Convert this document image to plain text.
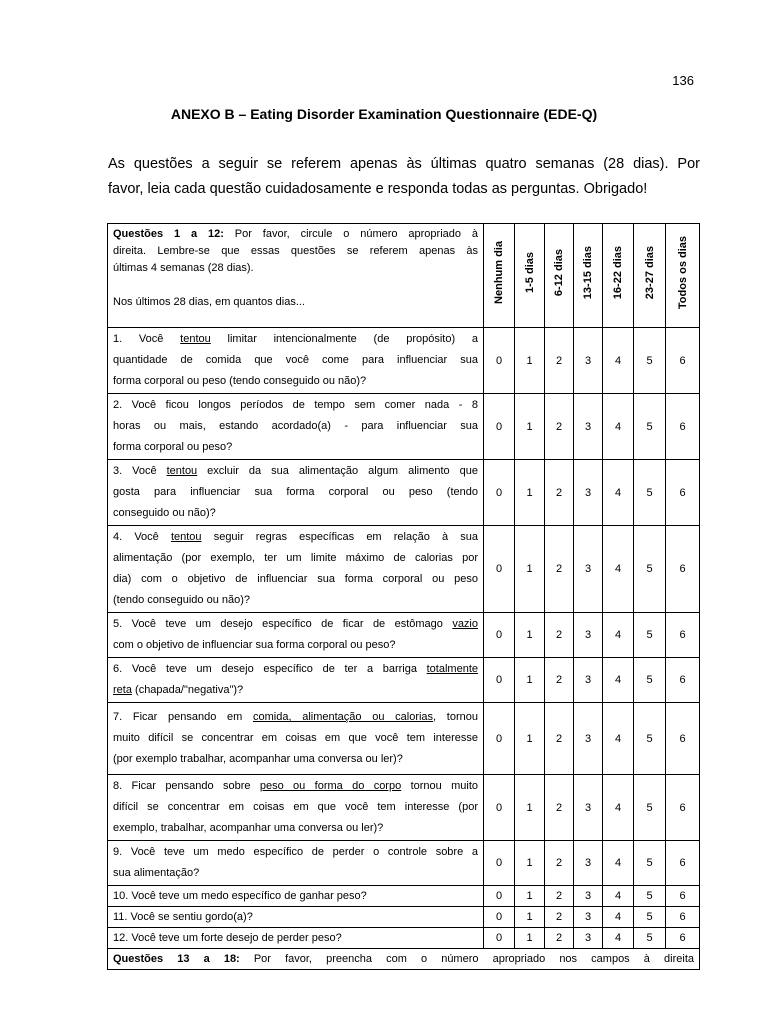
136
ANEXO B – Eating Disorder Examination Questionnaire (EDE-Q)
As questões a seguir se referem apenas às últimas quatro semanas (28 dias). Por
favor, leia cada questão cuidadosamente e responda todas as perguntas. Obrigado!
Questões 1 a 12: Por favor, circule o número apropriado à
direita. Lembre-se que essas questões se referem apenas às
últimas 4 semanas (28 dias).
Nos últimos 28 dias, em quantos dias...	Nenhum dia	1-5 dias	6-12 dias	13-15 dias	16-22 dias	23-27 dias	Todos os dias

1. Você tentou limitar intencionalmente (de propósito) a
quantidade de comida que você come para influenciar sua
forma corporal ou peso (tendo conseguido ou não)?	0	1	2	3	4	5	6

2. Você ficou longos períodos de tempo sem comer nada - 8
horas ou mais, estando acordado(a) - para influenciar sua
forma corporal ou peso?	0	1	2	3	4	5	6

3. Você tentou excluir da sua alimentação algum alimento que
gosta para influenciar sua forma corporal ou peso (tendo
conseguido ou não)?	0	1	2	3	4	5	6

4. Você tentou seguir regras específicas em relação à sua
alimentação (por exemplo, ter um limite máximo de calorias por
dia) com o objetivo de influenciar sua forma corporal ou peso
(tendo conseguido ou não)?	0	1	2	3	4	5	6

5. Você teve um desejo específico de ficar de estômago vazio
com o objetivo de influenciar sua forma corporal ou peso?	0	1	2	3	4	5	6

6. Você teve um desejo específico de ter a barriga totalmente
reta (chapada/"negativa")?	0	1	2	3	4	5	6

7. Ficar pensando em comida, alimentação ou calorias, tornou
muito difícil se concentrar em coisas em que você tem interesse
(por exemplo trabalhar, acompanhar uma conversa ou ler)?	0	1	2	3	4	5	6

8. Ficar pensando sobre peso ou forma do corpo tornou muito
difícil se concentrar em coisas em que você tem interesse (por
exemplo, trabalhar, acompanhar uma conversa ou ler)?	0	1	2	3	4	5	6

9. Você teve um medo específico de perder o controle sobre a
sua alimentação?	0	1	2	3	4	5	6
10. Você teve um medo específico de ganhar peso?	0	1	2	3	4	5	6
11. Você se sentiu gordo(a)?	0	1	2	3	4	5	6
12. Você teve um forte desejo de perder peso?	0	1	2	3	4	5	6

Questões 13 a 18: Por favor, preencha com o número apropriado nos campos à direita							
